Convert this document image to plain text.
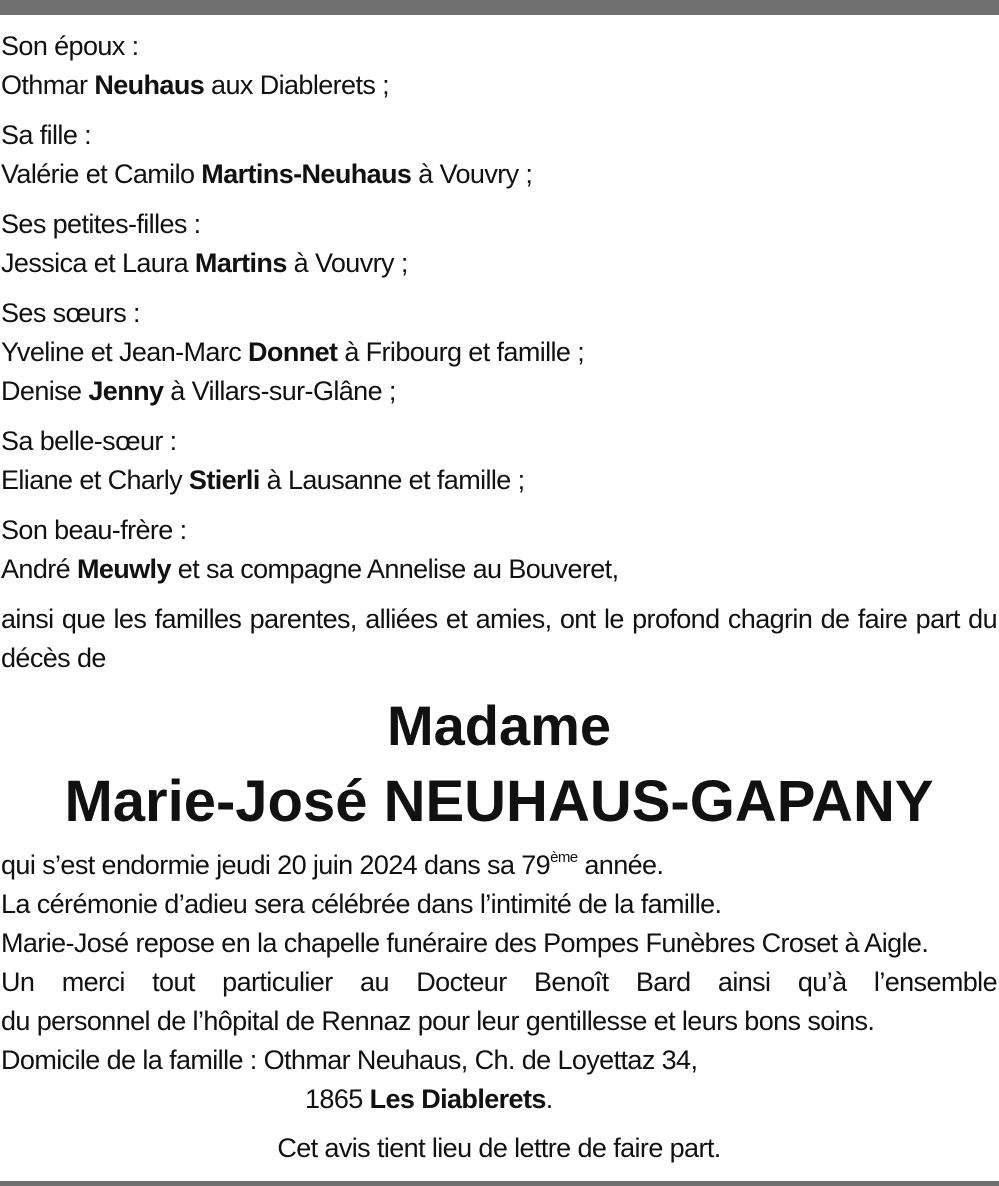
Son époux :
Othmar Neuhaus aux Diablerets ;
Sa fille :
Valérie et Camilo Martins-Neuhaus à Vouvry ;
Ses petites-filles :
Jessica et Laura Martins à Vouvry ;
Ses sœurs :
Yveline et Jean-Marc Donnet à Fribourg et famille ;
Denise Jenny à Villars-sur-Glâne ;
Sa belle-sœur :
Eliane et Charly Stierli à Lausanne et famille ;
Son beau-frère :
André Meuwly et sa compagne Annelise au Bouveret,
ainsi que les familles parentes, alliées et amies, ont le profond chagrin de faire part du décès de
Madame
Marie-José NEUHAUS-GAPANY
qui s’est endormie jeudi 20 juin 2024 dans sa 79ème année.
La cérémonie d’adieu sera célébrée dans l’intimité de la famille.
Marie-José repose en la chapelle funéraire des Pompes Funèbres Croset à Aigle.
Un merci tout particulier au Docteur Benoît Bard ainsi qu’à l’ensemble
du personnel de l’hôpital de Rennaz pour leur gentillesse et leurs bons soins.
Domicile de la famille : Othmar Neuhaus, Ch. de Loyettaz 34,
1865 Les Diablerets.
Cet avis tient lieu de lettre de faire part.
